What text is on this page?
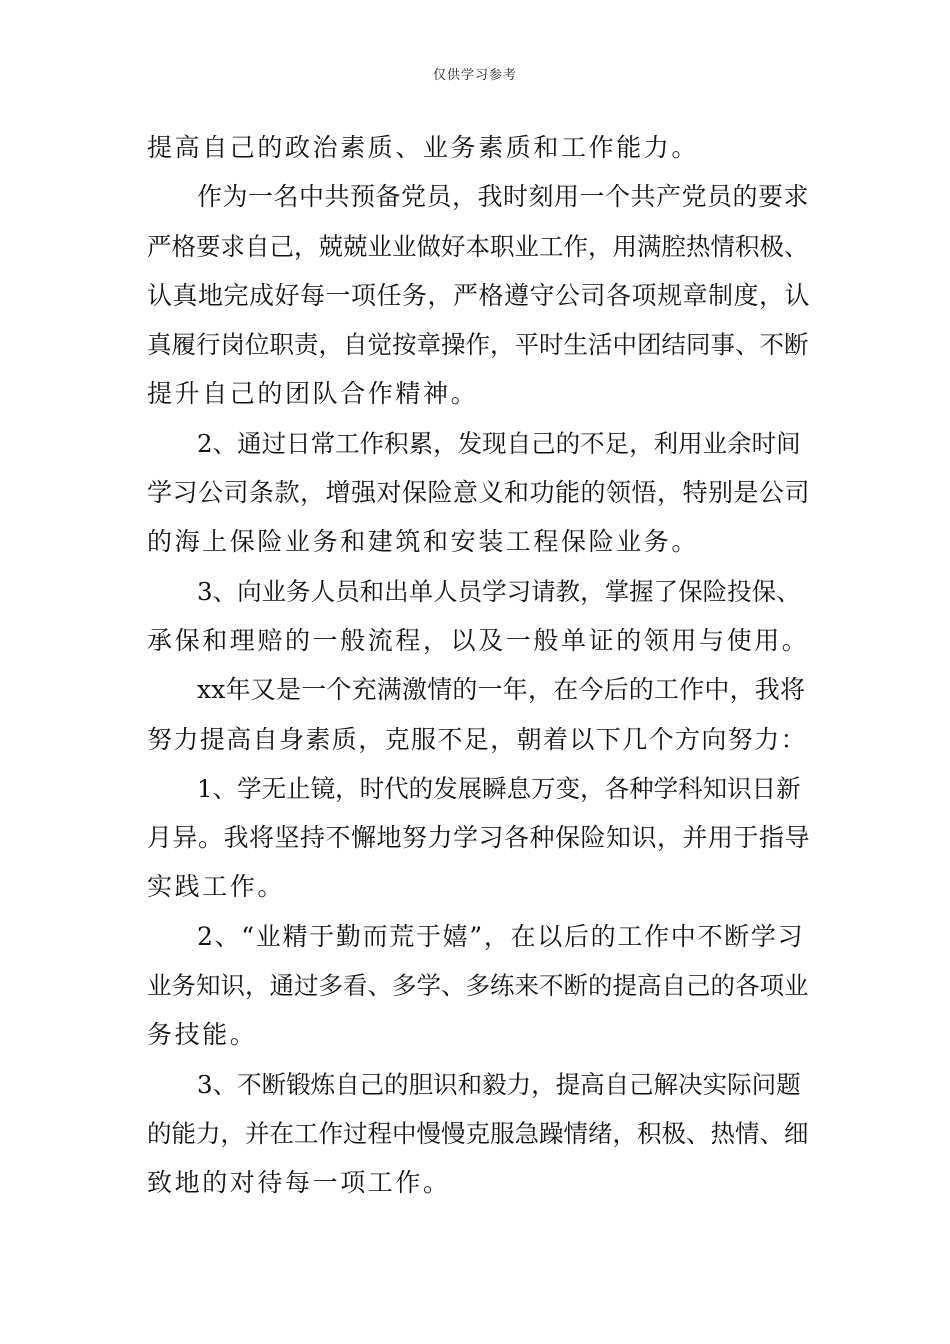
仅供学习参考
提高自己的政治素质、业务素质和工作能力。
作为一名中共预备党员，我时刻用一个共产党员的要求
严格要求自己，兢兢业业做好本职业工作，用满腔热情积极、
认真地完成好每一项任务，严格遵守公司各项规章制度，认
真履行岗位职责，自觉按章操作，平时生活中团结同事、不断
提升自己的团队合作精神。
2、通过日常工作积累，发现自己的不足，利用业余时间
学习公司条款，增强对保险意义和功能的领悟，特别是公司
的海上保险业务和建筑和安装工程保险业务。
3、向业务人员和出单人员学习请教，掌握了保险投保、
承保和理赔的一般流程，以及一般单证的领用与使用。
xx年又是一个充满激情的一年，在今后的工作中，我将
努力提高自身素质，克服不足，朝着以下几个方向努力：
1、学无止镜，时代的发展瞬息万变，各种学科知识日新
月异。我将坚持不懈地努力学习各种保险知识，并用于指导
实践工作。
2、“业精于勤而荒于嬉”，在以后的工作中不断学习
业务知识，通过多看、多学、多练来不断的提高自己的各项业
务技能。
3、不断锻炼自己的胆识和毅力，提高自己解决实际问题
的能力，并在工作过程中慢慢克服急躁情绪，积极、热情、细
致地的对待每一项工作。
